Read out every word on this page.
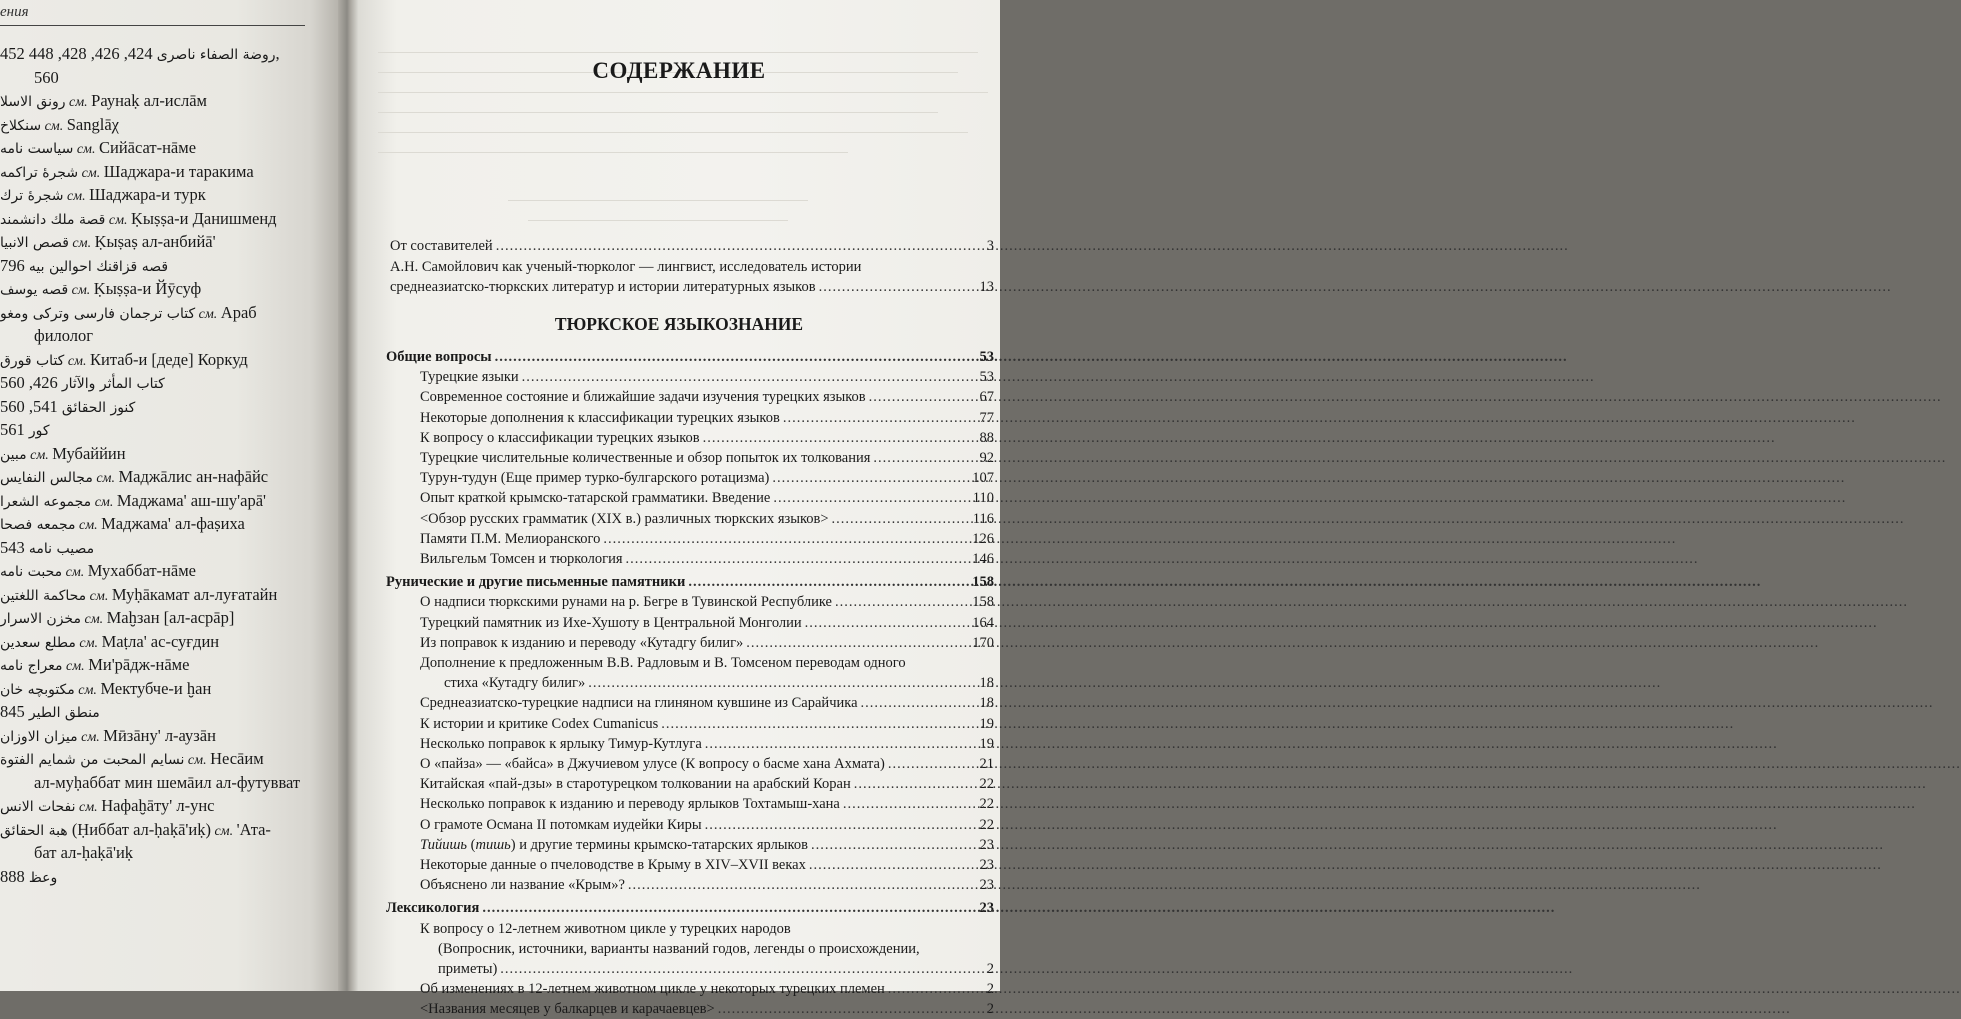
ения
روضة الصفاء ناصرى 424, 426, 428, 448 452,
560
رونق الاسلا см. Раунаḳ ал-ислāм
سنكلاخ см. Sanglāχ
سياست نامه см. Сийāсат-нāме
شجرۀ تراكمه см. Шаджара-и таракима
شجرۀ ترك см. Шаджара-и турк
قصة ملك دانشمند см. Ḳыṣṣа-и Данишменд
قصص الانبيا см. Ḳыṣаṣ ал-анбийā'
قصه قزاقنك احوالين بيه 796
قصه يوسف см. Ḳыṣṣа-и Йӯсуф
كتاب ترجمان فارسى وتركى ومغو см. Араб
филолог
كتاب قورق см. Китаб-и [деде] Коркуд
كتاب المأثر والآثار 426, 560
كنوز الحقائق 541, 560
كور 561
مبين см. Мубаййин
مجالس النفايس см. Маджāлис ан-нафāйс
مجموعه الشعرا см. Маджама' аш-шу'арā'
مجمعه فصحا см. Маджама' ал-фаṣиха
مصيب نامه 543
محبت نامه см. Мухаббат-нāме
محاكمة اللغتين см. Муḥāкамат ал-луғатайн
مخزن الاسرار см. Маḫзан [ал-асрāр]
مطلع سعدين см. Маṭла' ас-суғдин
معراج نامه см. Ми'рāдж-нāме
مكتوبچه خان см. Мектубче-и ḫан
منطق الطير 845
ميزان الاوزان см. Мӣзāну' л-аузāн
نسايم المحبت من شمايم الفتوة см. Несāим
ал-муḥаббат мин шемāил ал-футувват
نفحات الانس см. Нафаḫāту' л-унс
هبة الحقائق (Ḥиббат ал-ḥаḳā'иḳ) см. 'Ата-
бат ал-ḥаḳā'иḳ
وعظ 888
СОДЕРЖАНИЕ
ТЮРКСКОЕ ЯЗЫКОЗНАНИЕ
От составителей .....	3
А.Н. Самойлович как ученый-тюрколог — лингвист, исследователь истории
среднеазиатско-тюркских литератур и истории литературных языков .....	13
Общие вопросы .....	53
Турецкие языки .....	53
Современное состояние и ближайшие задачи изучения турецких языков .....	67
Некоторые дополнения к классификации турецких языков .....	77
К вопросу о классификации турецких языков .....	88
Турецкие числительные количественные и обзор попыток их толкования .....	92
Турун-тудун (Еще пример турко-булгарского ротацизма) .....	107
Опыт краткой крымско-татарской грамматики. Введение .....	110
<Обзор русских грамматик (XIX в.) различных тюркских языков> .....	116
Памяти П.М. Мелиоранского .....	126
Вильгельм Томсен и тюркология .....	146
Рунические и другие письменные памятники .....	158
О надписи тюркскими рунами на р. Бегре в Тувинской Республике .....	158
Турецкий памятник из Ихе-Хушоту в Центральной Монголии .....	164
Из поправок к изданию и переводу «Кутадгу билиг» .....	170
Дополнение к предложенным В.В. Радловым и В. Томсеном переводам одного
стиха «Кутадгу билиг» .....	18
Среднеазиатско-турецкие надписи на глиняном кувшине из Сарайчика .....	18
К истории и критике Codex Cumanicus .....	19
Несколько поправок к ярлыку Тимур-Кутлуга .....	19
О «пайза» — «байса» в Джучиевом улусе (К вопросу о басме хана Ахмата) .....	21
Китайская «пай-дзы» в старотурецком толковании на арабский Коран .....	22
Несколько поправок к изданию и переводу ярлыков Тохтамыш-хана .....	22
О грамоте Османа II потомкам иудейки Киры .....	22
Тийишь (тишь) и другие термины крымско-татарских ярлыков .....	23
Некоторые данные о пчеловодстве в Крыму в XIV–XVII веках .....	23
Объяснено ли название «Крым»? .....	23
Лексикология .....	23
К вопросу о 12-летнем животном цикле у турецких народов
(Вопросник, источники, варианты названий годов, легенды о происхождении,
приметы) .....	2
Об изменениях в 12-летнем животном цикле у некоторых турецких племен .....	2
<Названия месяцев у балкарцев и карачаевцев> .....	2
